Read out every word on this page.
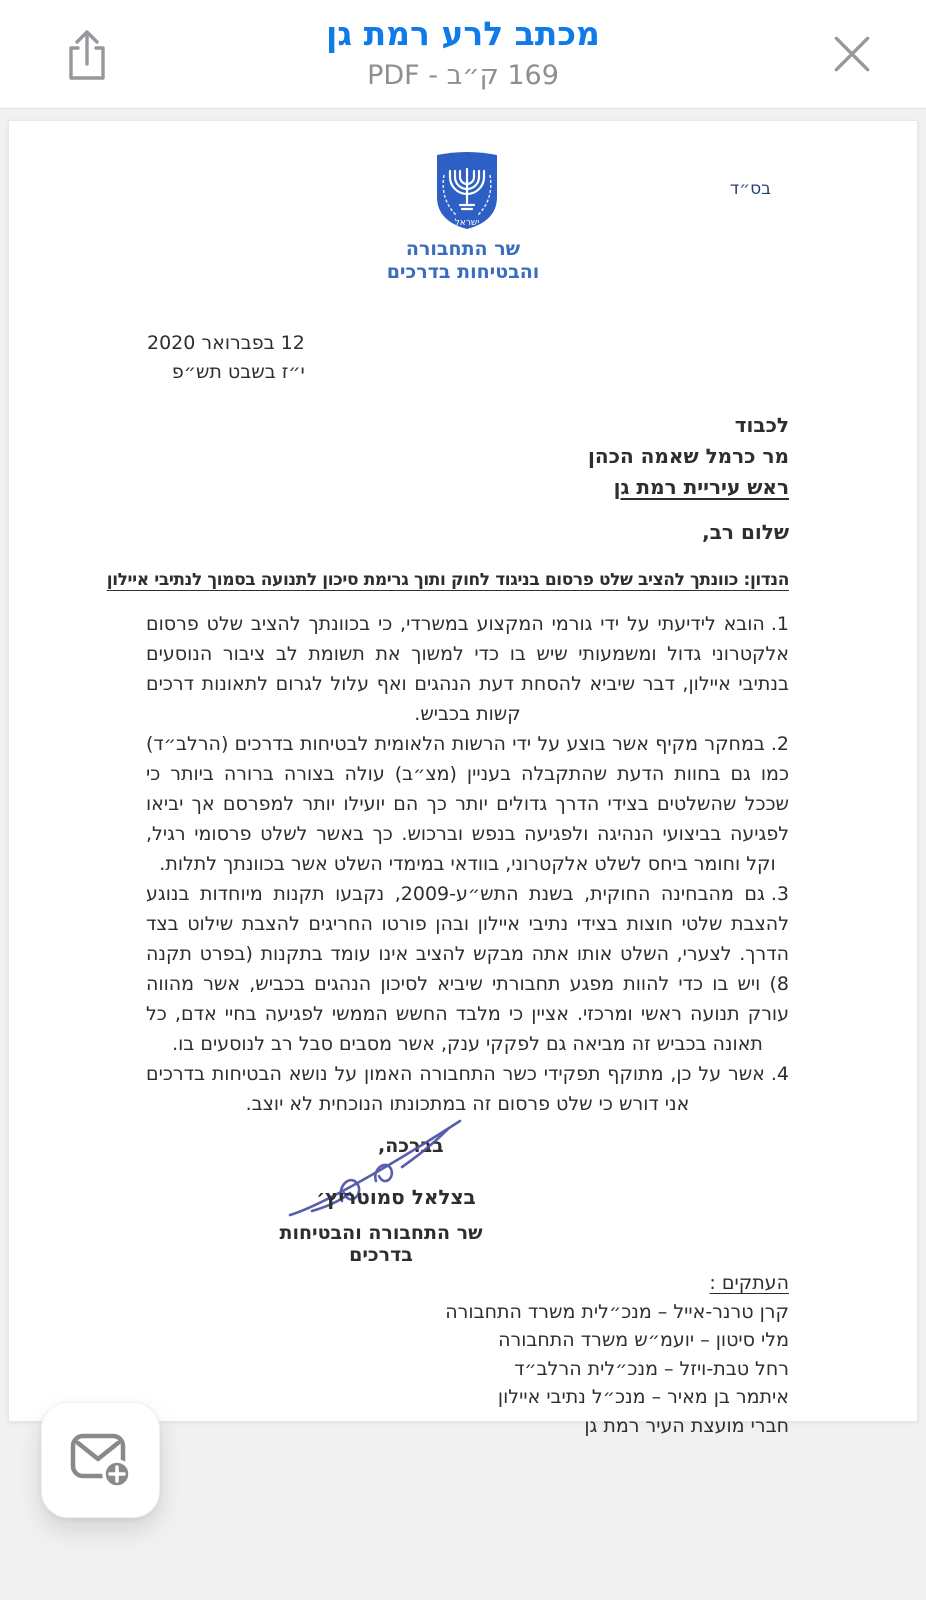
מכתב לרע רמת גן
169 ק״ב - PDF
בס״ד
ישראל
שר התחבורה
והבטיחות בדרכים
12 בפברואר 2020
י״ז בשבט תש״פ
לכבוד
מר כרמל שאמה הכהן
ראש עיריית רמת גן
שלום רב,
הנדון: כוונתך להציב שלט פרסום בניגוד לחוק ותוך גרימת סיכון לתנועה בסמוך לנתיבי איילון

1.הובא לידיעתי על ידי גורמי המקצוע במשרדי, כי בכוונתך להציב שלט פרסום אלקטרוני גדול ומשמעותי שיש בו כדי למשוך את תשומת לב ציבור הנוסעים בנתיבי איילון, דבר שיביא להסחת דעת הנהגים ואף עלול לגרום לתאונות דרכים קשות בכביש.

2.במחקר מקיף אשר בוצע על ידי הרשות הלאומית לבטיחות בדרכים (הרלב״ד) כמו גם בחוות הדעת שהתקבלה בעניין (מצ״ב) עולה בצורה ברורה ביותר כי שככל שהשלטים בצידי הדרך גדולים יותר כך הם יועילו יותר למפרסם אך יביאו לפגיעה בביצועי הנהיגה ולפגיעה בנפש וברכוש. כך באשר לשלט פרסומי רגיל, וקל וחומר ביחס לשלט אלקטרוני, בוודאי במימדי השלט אשר בכוונתך לתלות.

3.גם מהבחינה החוקית, בשנת התש״ע-2009, נקבעו תקנות מיוחדות בנוגע להצבת שלטי חוצות בצידי נתיבי איילון ובהן פורטו החריגים להצבת שילוט בצד הדרך. לצערי, השלט אותו אתה מבקש להציב אינו עומד בתקנות (בפרט תקנה 8) ויש בו כדי להוות מפגע תחבורתי שיביא לסיכון הנהגים בכביש, אשר מהווה עורק תנועה ראשי ומרכזי. אציין כי מלבד החשש הממשי לפגיעה בחיי אדם, כל תאונה בכביש זה מביאה גם לפקקי ענק, אשר מסבים סבל רב לנוסעים בו.

4.אשר על כן, מתוקף תפקידי כשר התחבורה האמון על נושא הבטיחות בדרכים אני דורש כי שלט פרסום זה במתכונתו הנוכחית לא יוצב.

בברכה,
בצלאל סמוטריץ׳
שר התחבורה והבטיחות בדרכים

העתקים :

קרן טרנר-אייל – מנכ״לית משרד התחבורה

מלי סיטון – יועמ״ש משרד התחבורה

רחל טבת-ויזל – מנכ״לית הרלב״ד

איתמר בן מאיר – מנכ״ל נתיבי איילון

חברי מועצת העיר רמת גן
